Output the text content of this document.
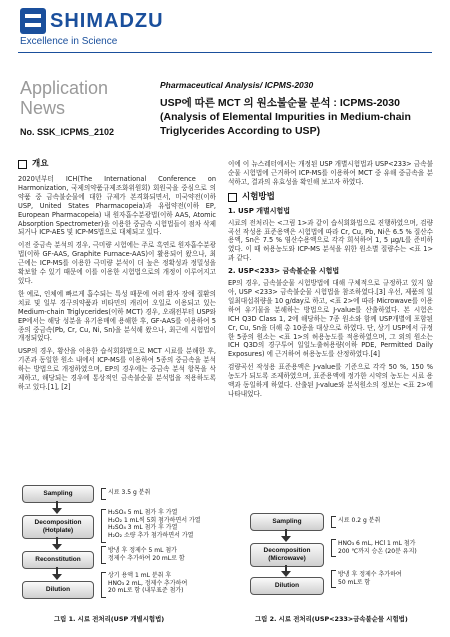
SHIMADZU
Excellence in Science
Application
News
No. SSK_ICPMS_2102
Pharmaceutical Analysis/ ICPMS-2030
USP에 따른 MCT 의 원소불순물 분석 : ICPMS-2030
(Analysis of Elemental Impurities in Medium-chain
Triglycerides According to USP)
개요

2020년부터 ICH(The International Conference on Harmonization, 국제의약품규제조화위원회) 회원국을 중심으로 의약품 중 금속불순물에 대한 규제가 본격화되면서, 미국약전(이하 USP, United States Pharmacopeia)과 유럽약전(이하 EP, European Pharmacopeia) 내 원자흡수분광법(이하 AAS, Atomic Absorption Spectrometer)을 이용한 중금속 시험법들이 점차 삭제되거나 ICP-AES 및 ICP-MS법으로 대체되고 있다.

이전 중금속 분석의 경우, 극미량 시험에는 주로 흑연로 원자흡수분광법(이하 GF-AAS, Graphite Furnace-AAS)이 활용되어 왔으나, 최근에는 ICP-MS를 이용한 극미량 분석이 더 높은 정확성과 정밀성을 확보할 수 있기 때문에 이를 이용한 시험법으로의 개정이 이루어지고 있다.

한 예로, 인체에 빠르게 흡수되는 특성 때문에 여러 환자 장애 질환의 치료 및 일부 경구의약품과 비타민의 캐리어 오일로 이용되고 있는 Medium-chain Triglycerides(이하 MCT) 경우, 오래전부터 USP와 EP에서는 해당 성분을 유기용매에 용해한 후, GF-AAS를 이용하여 5종의 중금속(Pb, Cr, Cu, Ni, Sn)을 분석해 왔으나, 최근에 시험법이 개정되었다.

USP의 경우, 황산을 이용한 습식회화법으로 MCT 시료를 분해한 후, 기존과 동일한 원소 내에서 ICP-MS를 이용하여 5종의 중금속을 분석하는 방법으로 개정하였으며, EP의 경우에는 중금속 분석 항목을 삭제하고, 해당되는 경우에 통상적인 금속불순물 분석법을 적용하도록 하고 있다.[1], [2]

이에 이 뉴스레터에서는 개정된 USP 개별시험법과 USP<233> 금속불순물 시험법에 근거하여 ICP-MS를 이용하여 MCT 중 유해 중금속을 분석하고, 결과의 유효성을 확인해 보고자 하였다.

시험방법
1. USP 개별시험법

시료의 전처리는 <그림 1>과 같이 습식회화법으로 진행하였으며, 검량곡선 작성용 표준용액은 시험법에 따라 Cr, Cu, Pb, Ni은 6.5 % 질산수용액, Sn은 7.5 % 염산수용액으로 각각 희석하여 1, 5 μg/L를 준비하였다. 이 때 허용농도와 ICP-MS 분석을 위한 원소별 질량수는 <표 1>과 같다.

2. USP<233> 금속불순물 시험법

EP의 경우, 금속불순물 시험방법에 대해 구체적으로 규정하고 있지 않아, USP <233> 금속불순물 시험법을 참조하였다.[3] 우선, 제품의 일일최대섭취량을 10 g/day로 하고, <표 2>에 따라 Microwave를 이용하여 유기물을 분해하는 방법으로 J-value를 산출하였다. 본 시험은 ICH Q3D Class 1, 2에 해당하는 7종 원소와 함께 USP개별에 포함된 Cr, Cu, Sn을 더해 총 10종을 대상으로 하였다. 단, 상기 USP에서 규정한 5종의 원소는 <표 1>의 허용농도를 적용하였으며, 그 외의 원소는 ICH Q3D의 경구투여 일일노출허용량(이하 PDE, Permitted Daily Exposures) 에 근거하여 허용농도를 산정하였다.[4]

검량곡선 작성용 표준용액은 J-value를 기준으로 각각 50 %, 150 % 농도가 되도록 조제하였으며, 표준용액에 정가한 시약의 농도는 시료 용액과 동일하게 하였다. 산출된 J-value와 분석원소의 정보는 <표 2>에 나타내었다.

Sampling
Decomposition
(Hotplate)
Reconstitution
Dilution
시료 3.5 g 분취
H₂SO₄ 5 mL 첨가 후 가열
H₂O₂ 1 mL씩 5회 첨가하면서 가열
H₂SO₄ 3 mL 첨가 후 가열
H₂O₂ 소량 추가 첨가하면서 가열
방냉 후 정제수 5 mL 첨가
정제수 추가하여 20 mL로 함
상기 용액 1 mL 분취 후
HNO₃ 2 mL, 정제수 추가하여
20 mL로 함 (내부표준 첨가)
그림 1. 시료 전처리(USP 개별시험법)
Sampling
Decomposition
(Microwave)
Dilution
시료 0.2 g 분취
HNO₃ 6 mL, HCl 1 mL 첨가
200 ℃까지 승온 (20분 유지)
방냉 후 정제수 추가하여
50 mL로 함
그림 2. 시료 전처리(USP<233>금속불순물 시험법)
